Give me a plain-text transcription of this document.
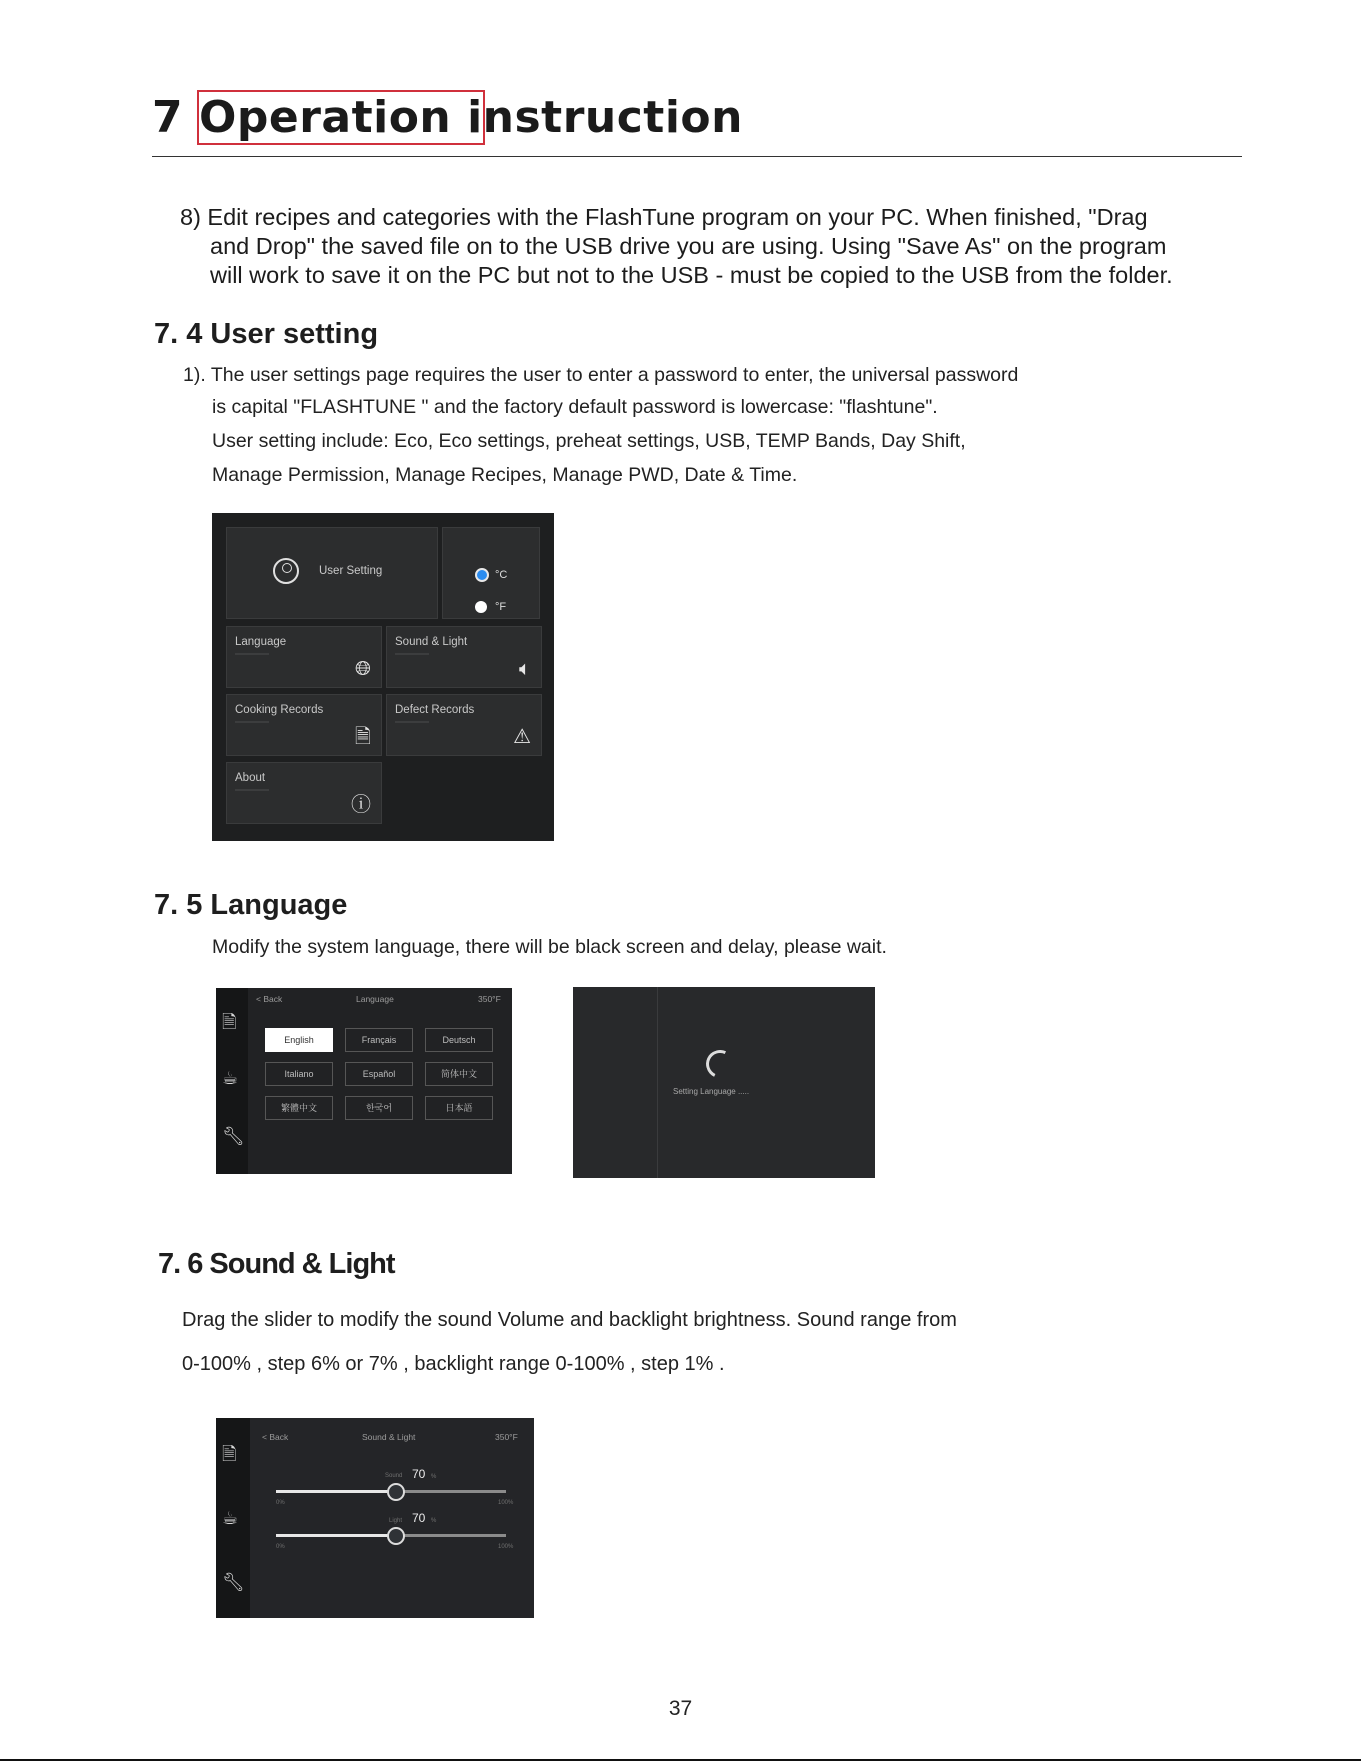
7 Operation instruction
8) Edit recipes and categories with the FlashTune program on your PC. When finished, "Drag
and Drop" the saved file on to the USB drive you are using. Using "Save As" on the program
will work to save it on the PC but not to the USB - must be copied to the USB from the folder.
7. 4 User setting
1). The user settings page requires the user to enter a password to enter, the universal password
is capital "FLASHTUNE " and the factory default password is lowercase: "flashtune".
User setting include: Eco, Eco settings, preheat settings, USB, TEMP Bands, Day Shift,
Manage Permission, Manage Recipes, Manage PWD, Date & Time.
User Setting	°C
°F
Language
🌐︎
Sound & Light
🔈︎
Cooking Records
🗎︎
Defect Records
⚠︎
About
ⓘ
7. 5 Language
Modify the system language, there will be black screen and delay, please wait.
🗎︎
☕︎
🔧︎
< Back	Language	350°F
English	Français	Deutsch
Italiano	Español	简体中文
繁體中文	한국어	日本語
Setting Language .....
7. 6 Sound & Light
Drag the slider to modify the sound Volume and backlight brightness. Sound range from
0-100% , step 6% or 7% , backlight range 0-100% , step 1% .
🗎︎
☕︎
🔧︎
< Back	Sound & Light	350°F
Sound 70 %
0%	100%
Light 70 %
0%	100%
37
